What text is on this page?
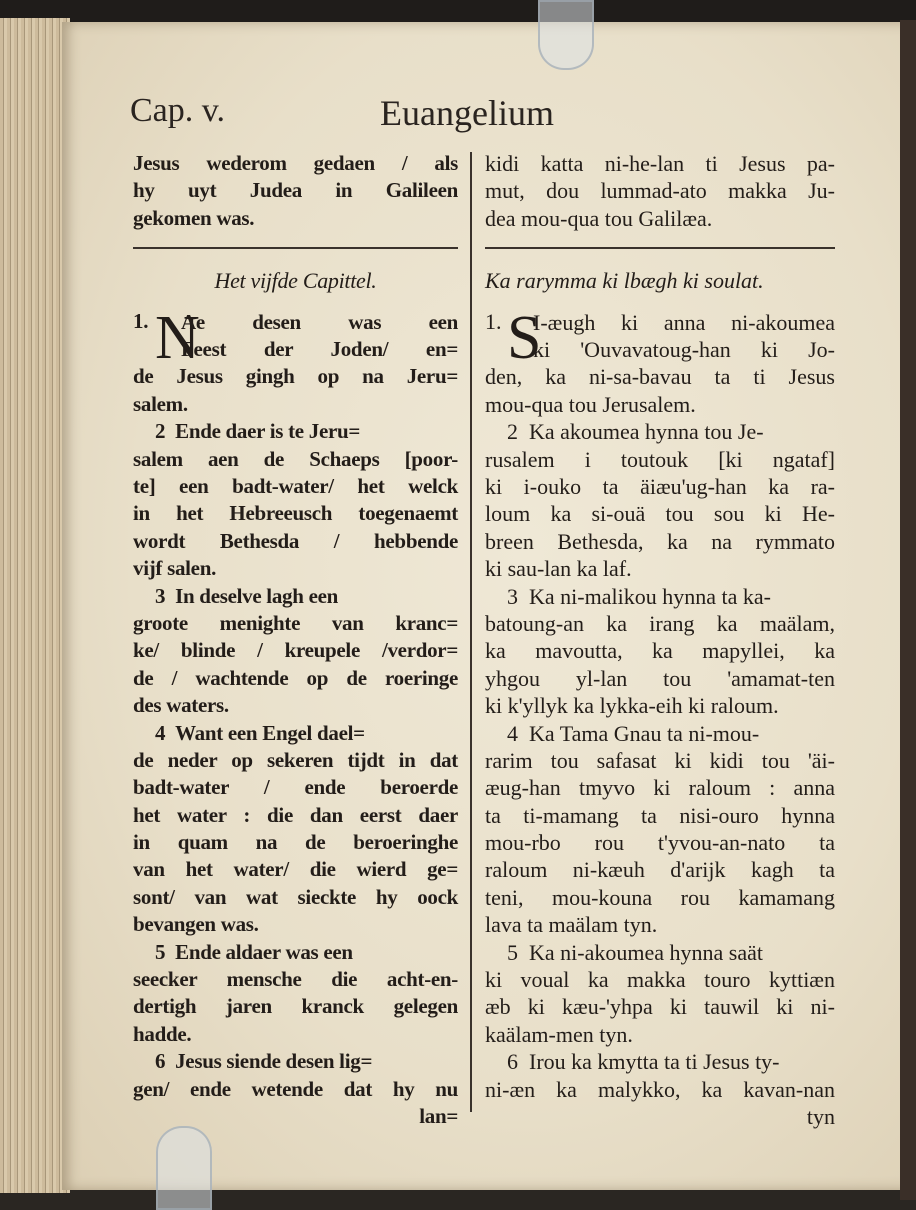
Cap. v.	Euangelium
Jesus wederom gedaen / als
hy uyt Judea in Galileen
gekomen was.
Het vijfde Capittel.
1. N
Ae desen was een
Feest der Joden/ en=
de Jesus gingh op na Jeru=
salem.
2
Ende daer is te Jeru=
salem aen de Schaeps [poor-
te] een badt-water/ het welck
in het Hebreeusch toegenaemt
wordt Bethesda / hebbende
vijf salen.
3
In deselve lagh een
groote menighte van kranc=
ke/ blinde / kreupele /verdor=
de / wachtende op de roeringe
des waters.
4
Want een Engel dael=
de neder op sekeren tijdt in dat
badt-water / ende beroerde
het water : die dan eerst daer
in quam na de beroeringhe
van het water/ die wierd ge=
sont/ van wat sieckte hy oock
bevangen was.
5
Ende aldaer was een
seecker mensche die acht-en-
dertigh jaren kranck gelegen
hadde.
6
Jesus siende desen lig=
gen/ ende wetende dat hy nu
lan=
kidi katta ni-he-lan ti Jesus pa-
mut, dou lummad-ato makka Ju-
dea mou-qua tou Galilæa.
Ka rarymma ki lbægh ki soulat.
1. S
I-æugh ki anna ni-akoumea
ki 'Ouvavatoug-han ki Jo-
den, ka ni-sa-bavau ta ti Jesus
mou-qua tou Jerusalem.
2
Ka akoumea hynna tou Je-
rusalem i toutouk [ki ngataf]
ki i-ouko ta äiæu'ug-han ka ra-
loum ka si-ouä tou sou ki He-
breen Bethesda, ka na rymmato
ki sau-lan ka laf.
3
Ka ni-malikou hynna ta ka-
batoung-an ka irang ka maälam,
ka mavoutta, ka mapyllei, ka
yhgou yl-lan tou 'amamat-ten
ki k'yllyk ka lykka-eih ki raloum.
4
Ka Tama Gnau ta ni-mou-
rarim tou safasat ki kidi tou 'äi-
æug-han tmyvo ki raloum : anna
ta ti-mamang ta nisi-ouro hynna
mou-rbo rou t'yvou-an-nato ta
raloum ni-kæuh d'arijk kagh ta
teni, mou-kouna rou kamamang
lava ta maälam tyn.
5
Ka ni-akoumea hynna saät
ki voual ka makka touro kyttiæn
æb ki kæu-'yhpa ki tauwil ki ni-
kaälam-men tyn.
6
Irou ka kmytta ta ti Jesus ty-
ni-æn ka malykko, ka kavan-nan
tyn
